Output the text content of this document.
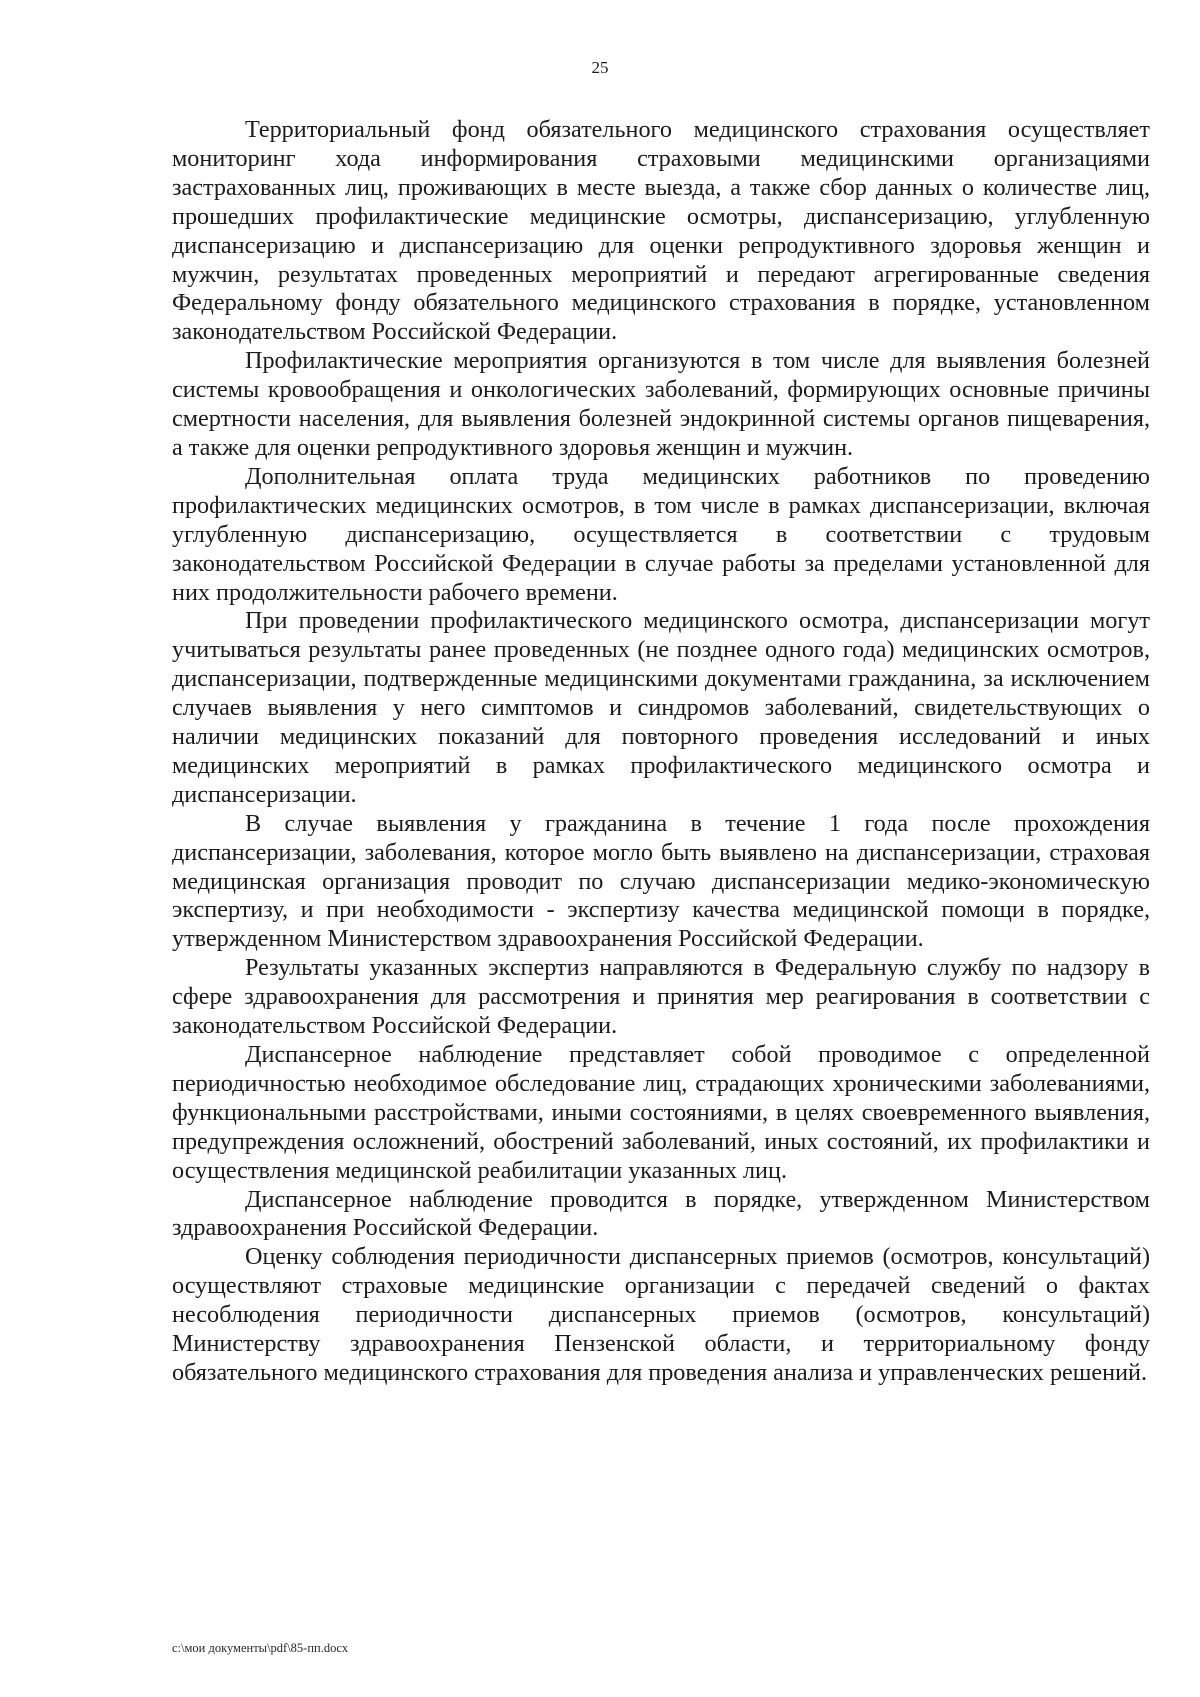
25

Территориальный фонд обязательного медицинского страхования осуществляет мониторинг хода информирования страховыми медицинскими организациями застрахованных лиц, проживающих в месте выезда, а также сбор данных о количестве лиц, прошедших профилактические медицинские осмотры, диспансеризацию, углубленную диспансеризацию и диспансеризацию для оценки репродуктивного здоровья женщин и мужчин, результатах проведенных мероприятий и передают агрегированные сведения Федеральному фонду обязательного медицинского страхования в порядке, установленном законодательством Российской Федерации.

Профилактические мероприятия организуются в том числе для выявления болезней системы кровообращения и онкологических заболеваний, формирующих основные причины смертности населения, для выявления болезней эндокринной системы органов пищеварения, а также для оценки репродуктивного здоровья женщин и мужчин.

Дополнительная оплата труда медицинских работников по проведению профилактических медицинских осмотров, в том числе в рамках диспансеризации, включая углубленную диспансеризацию, осуществляется в соответствии с трудовым законодательством Российской Федерации в случае работы за пределами установленной для них продолжительности рабочего времени.

При проведении профилактического медицинского осмотра, диспансеризации могут учитываться результаты ранее проведенных (не позднее одного года) медицинских осмотров, диспансеризации, подтвержденные медицинскими документами гражданина, за исключением случаев выявления у него симптомов и синдромов заболеваний, свидетельствующих о наличии медицинских показаний для повторного проведения исследований и иных медицинских мероприятий в рамках профилактического медицинского осмотра и диспансеризации.

В случае выявления у гражданина в течение 1 года после прохождения диспансеризации, заболевания, которое могло быть выявлено на диспансеризации, страховая медицинская организация проводит по случаю диспансеризации медико-экономическую экспертизу, и при необходимости - экспертизу качества медицинской помощи в порядке, утвержденном Министерством здравоохранения Российской Федерации.

Результаты указанных экспертиз направляются в Федеральную службу по надзору в сфере здравоохранения для рассмотрения и принятия мер реагирования в соответствии с законодательством Российской Федерации.

Диспансерное наблюдение представляет собой проводимое с определенной периодичностью необходимое обследование лиц, страдающих хроническими заболеваниями, функциональными расстройствами, иными состояниями, в целях своевременного выявления, предупреждения осложнений, обострений заболеваний, иных состояний, их профилактики и осуществления медицинской реабилитации указанных лиц.

Диспансерное наблюдение проводится в порядке, утвержденном Министерством здравоохранения Российской Федерации.

Оценку соблюдения периодичности диспансерных приемов (осмотров, консультаций) осуществляют страховые медицинские организации с передачей сведений о фактах несоблюдения периодичности диспансерных приемов (осмотров, консультаций) Министерству здравоохранения Пензенской области, и территориальному фонду обязательного медицинского страхования для проведения анализа и управленческих решений.

c:\мои документы\pdf\85-пп.docx
